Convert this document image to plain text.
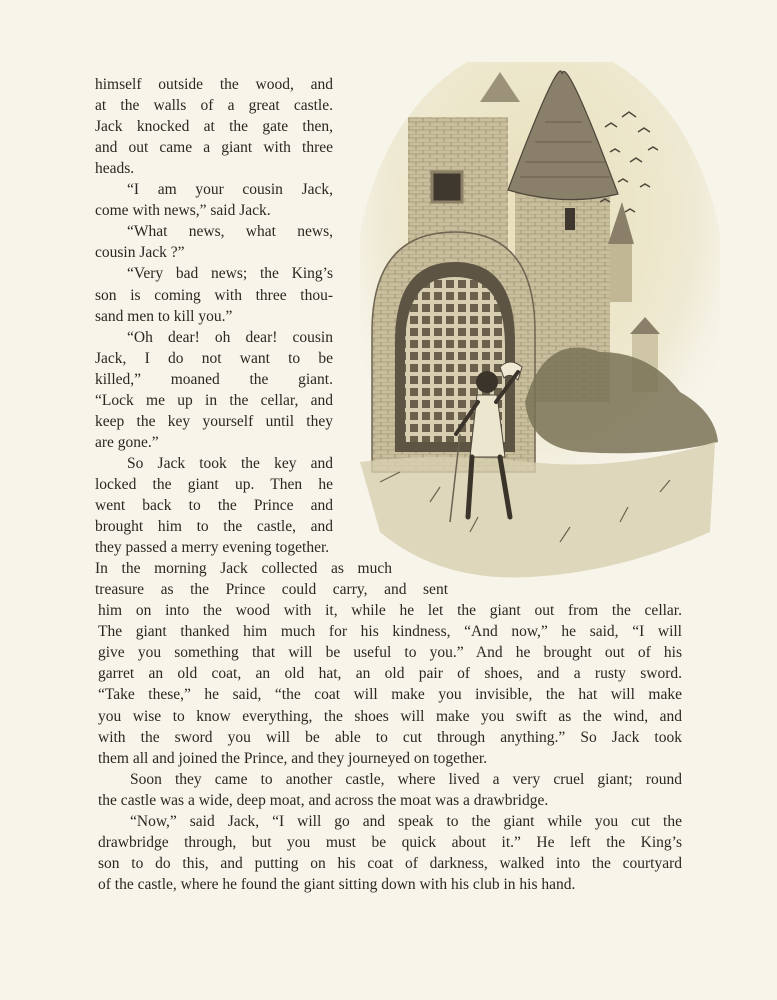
himself outside the wood, and
at the walls of a great castle.
Jack knocked at the gate then,
and out came a giant with three
heads.
“I am your cousin Jack,
come with news,” said Jack.
“What news, what news,
cousin Jack ?”
“Very bad news; the King’s
son is coming with three thou-
sand men to kill you.”
“Oh dear! oh dear! cousin
Jack, I do not want to be
killed,” moaned the giant.
“Lock me up in the cellar, and
keep the key yourself until they
are gone.”
So Jack took the key and
locked the giant up. Then he
went back to the Prince and
brought him to the castle, and
they passed a merry evening together.
In the morning Jack collected as much
treasure as the Prince could carry, and sent
him on into the wood with it, while he let the giant out from the cellar.
The giant thanked him much for his kindness, “And now,” he said, “I will
give you something that will be useful to you.” And he brought out of his
garret an old coat, an old hat, an old pair of shoes, and a rusty sword.
“Take these,” he said, “the coat will make you invisible, the hat will make
you wise to know everything, the shoes will make you swift as the wind, and
with the sword you will be able to cut through anything.” So Jack took
them all and joined the Prince, and they journeyed on together.
Soon they came to another castle, where lived a very cruel giant; round
the castle was a wide, deep moat, and across the moat was a drawbridge.
“Now,” said Jack, “I will go and speak to the giant while you cut the
drawbridge through, but you must be quick about it.” He left the King’s
son to do this, and putting on his coat of darkness, walked into the courtyard
of the castle, where he found the giant sitting down with his club in his hand.
